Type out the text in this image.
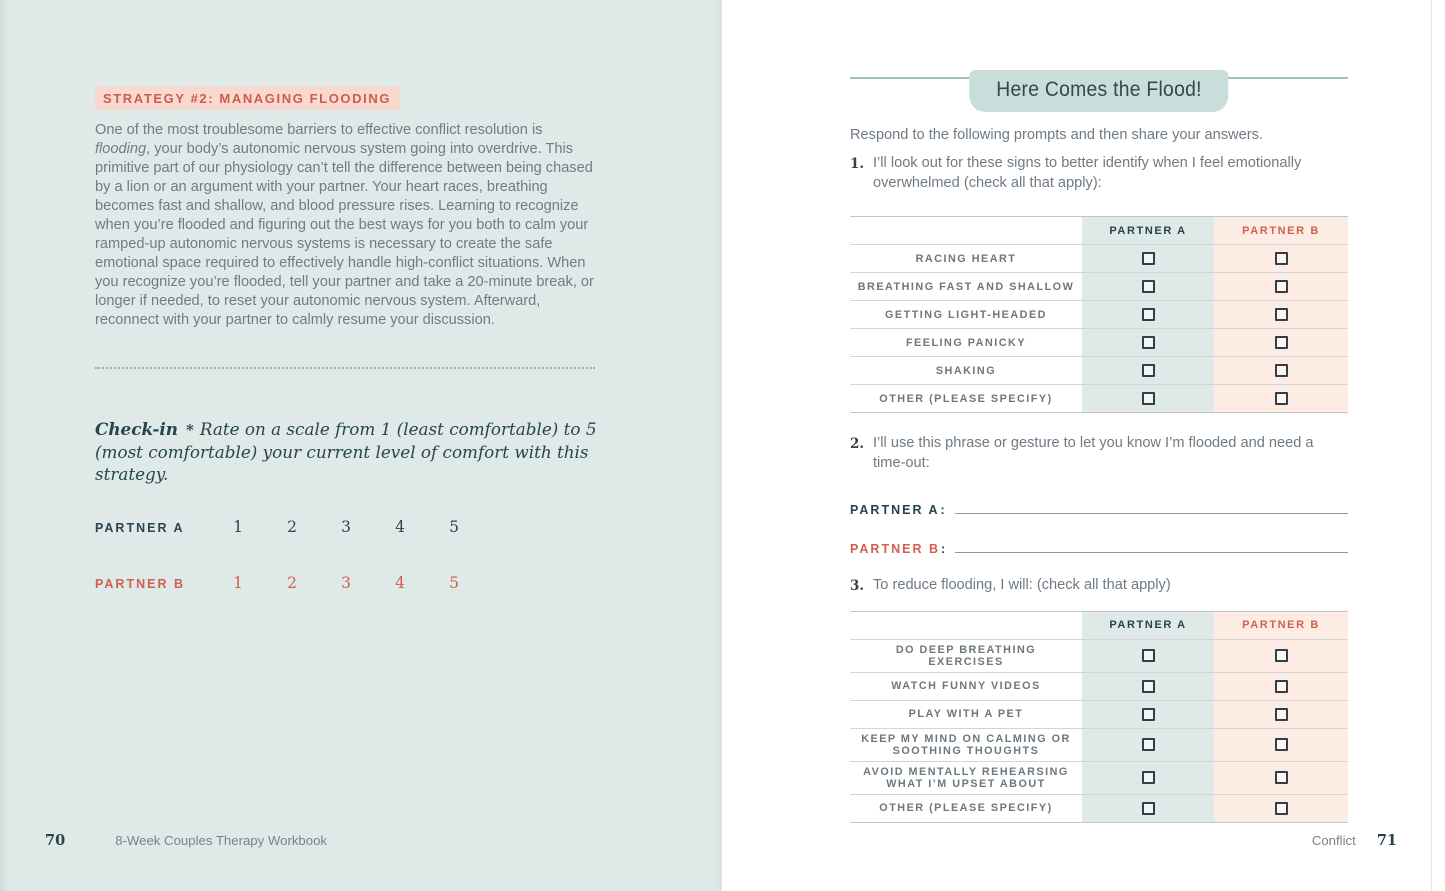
STRATEGY #2: MANAGING FLOODING

One of the most troublesome barriers to effective conflict resolution is flooding, your body’s autonomic nervous system going into overdrive. This primitive part of our physiology can’t tell the difference between being chased by a lion or an argument with your partner. Your heart races, breathing becomes fast and shallow, and blood pressure rises. Learning to recognize when you’re flooded and figuring out the best ways for you both to calm your ramped-up autonomic nervous systems is necessary to create the safe emotional space required to effectively handle high-conflict situations. When you recognize you’re flooded, tell your partner and take a 20-minute break, or longer if needed, to reset your autonomic nervous system. Afterward, reconnect with your partner to calmly resume your discussion.

Check-in * Rate on a scale from 1 (least comfortable) to 5 (most comfortable) your current level of comfort with this strategy.

PARTNER A	1	2	3	4	5
PARTNER B	1	2	3	4	5
70	8-Week Couples Therapy Workbook
Here Comes the Flood!

Respond to the following prompts and then share your answers.

1. I’ll look out for these signs to better identify when I feel emotionally overwhelmed (check all that apply):
PARTNER A	PARTNER B
RACING HEART
BREATHING FAST AND SHALLOW
GETTING LIGHT-HEADED
FEELING PANICKY
SHAKING
OTHER (PLEASE SPECIFY)
2. I’ll use this phrase or gesture to let you know I’m flooded and need a time-out:
PARTNER A :
PARTNER B :
3. To reduce flooding, I will: (check all that apply)
PARTNER A	PARTNER B
DO DEEP BREATHING EXERCISES
WATCH FUNNY VIDEOS
PLAY WITH A PET
KEEP MY MIND ON CALMING OR SOOTHING THOUGHTS
AVOID MENTALLY REHEARSING WHAT I’M UPSET ABOUT
OTHER (PLEASE SPECIFY)
Conflict 71
